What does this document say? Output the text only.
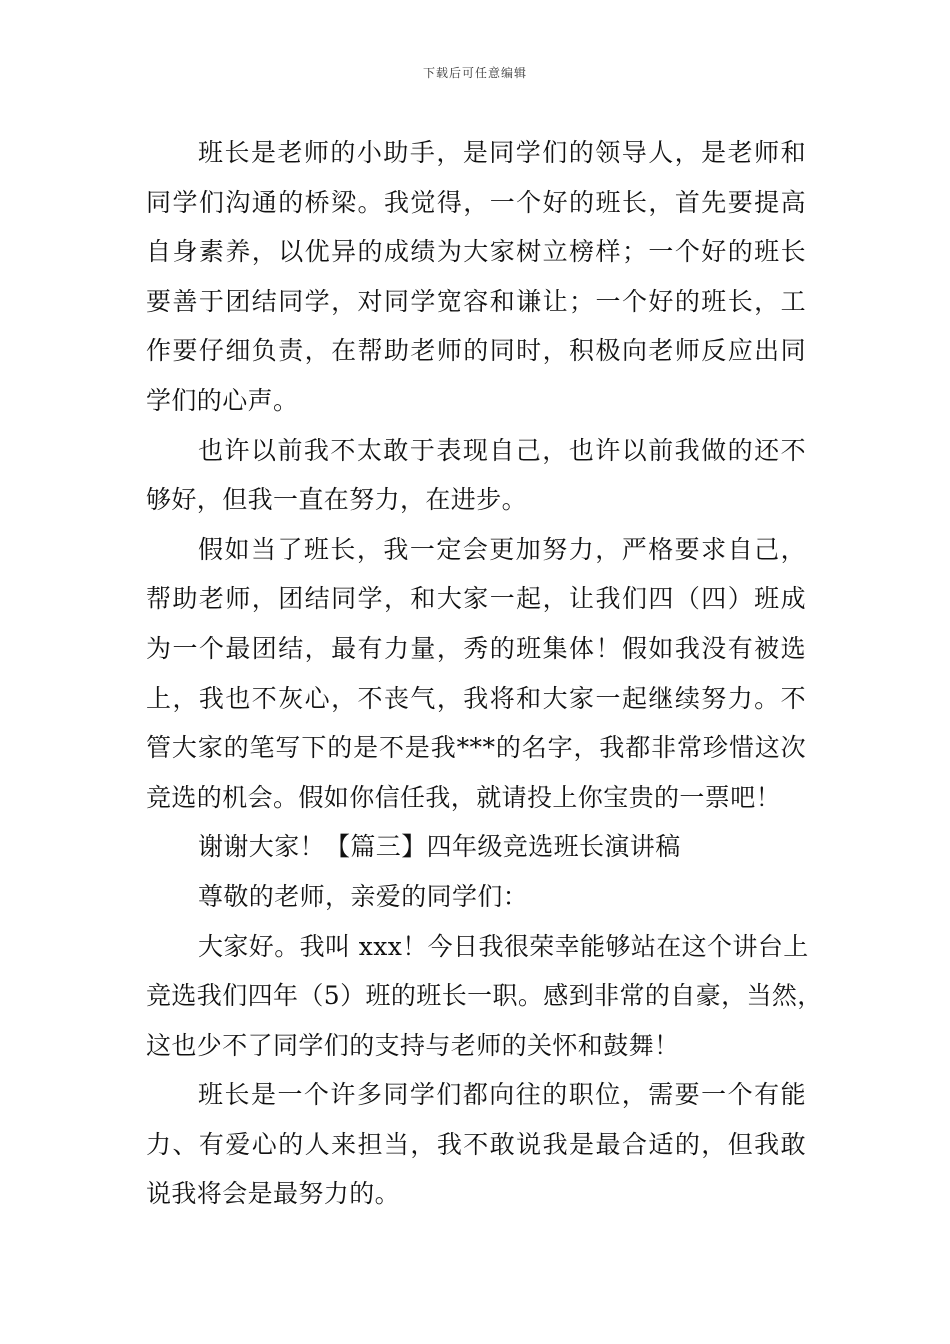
下载后可任意编辑
班长是老师的小助手，是同学们的领导人，是老师和
同学们沟通的桥梁。我觉得，一个好的班长，首先要提高
自身素养，以优异的成绩为大家树立榜样；一个好的班长
要善于团结同学，对同学宽容和谦让；一个好的班长，工
作要仔细负责，在帮助老师的同时，积极向老师反应出同
学们的心声。
也许以前我不太敢于表现自己，也许以前我做的还不
够好，但我一直在努力，在进步。
假如当了班长，我一定会更加努力，严格要求自己，
帮助老师，团结同学，和大家一起，让我们四（四）班成
为一个最团结，最有力量，秀的班集体！假如我没有被选
上，我也不灰心，不丧气，我将和大家一起继续努力。不
管大家的笔写下的是不是我***的名字，我都非常珍惜这次
竞选的机会。假如你信任我，就请投上你宝贵的一票吧！
谢谢大家！【篇三】四年级竞选班长演讲稿
尊敬的老师，亲爱的同学们：
大家好。我叫 xxx！今日我很荣幸能够站在这个讲台上
竞选我们四年（5）班的班长一职。感到非常的自豪，当然，
这也少不了同学们的支持与老师的关怀和鼓舞！
班长是一个许多同学们都向往的职位，需要一个有能
力、有爱心的人来担当，我不敢说我是最合适的，但我敢
说我将会是最努力的。
